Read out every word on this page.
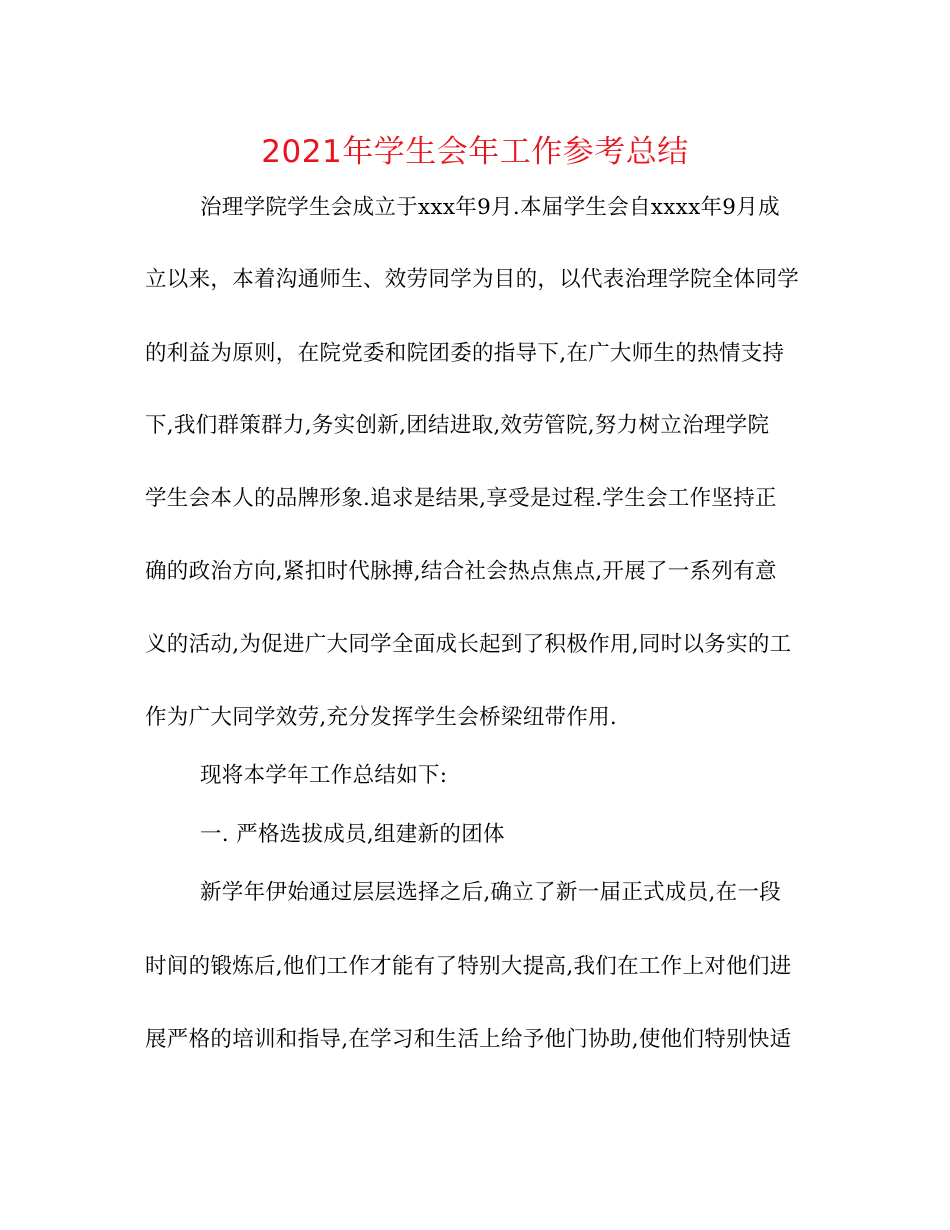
2021年学生会年工作参考总结
治理学院学生会成立于xxx年9月.本届学生会自xxxx年9月成
立以来，本着沟通师生、效劳同学为目的，以代表治理学院全体同学
的利益为原则，在院党委和院团委的指导下,在广大师生的热情支持
下,我们群策群力,务实创新,团结进取,效劳管院,努力树立治理学院
学生会本人的品牌形象.追求是结果,享受是过程.学生会工作坚持正
确的政治方向,紧扣时代脉搏,结合社会热点焦点,开展了一系列有意
义的活动,为促进广大同学全面成长起到了积极作用,同时以务实的工
作为广大同学效劳,充分发挥学生会桥梁纽带作用.
现将本学年工作总结如下:
一. 严格选拔成员,组建新的团体
新学年伊始通过层层选择之后,确立了新一届正式成员,在一段
时间的锻炼后,他们工作才能有了特别大提高,我们在工作上对他们进
展严格的培训和指导,在学习和生活上给予他门协助,使他们特别快适
